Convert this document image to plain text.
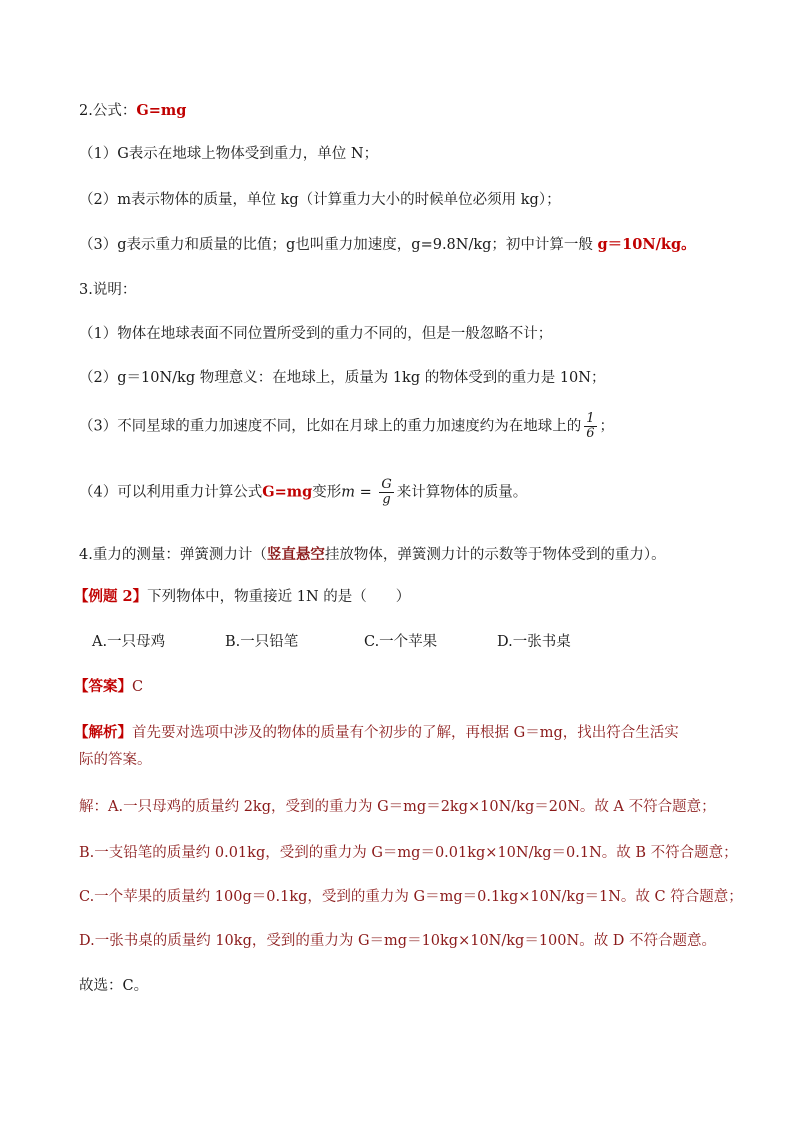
2.公式：G=mg
（1）G表示在地球上物体受到重力，单位 N；
（2）m表示物体的质量，单位 kg（计算重力大小的时候单位必须用 kg）；
（3）g表示重力和质量的比值；g也叫重力加速度，g=9.8N/kg；初中计算一般 g＝10N/kg。
3.说明：
（1）物体在地球表面不同位置所受到的重力不同的，但是一般忽略不计；
（2）g＝10N/kg 物理意义：在地球上，质量为 1kg 的物体受到的重力是 10N；
（3）不同星球的重力加速度不同，比如在月球上的重力加速度约为在地球上的 $\frac{1}{6}$ ；
（4）可以利用重力计算公式G=mg变形$m = \frac{G}{g}$ 来计算物体的质量。
4.重力的测量：弹簧测力计（竖直悬空挂放物体，弹簧测力计的示数等于物体受到的重力）。
【例题 2】下列物体中，物重接近 1N 的是（　　）
A.一只母鸡	B.一只铅笔	C.一个苹果	D.一张书桌
【答案】C
【解析】首先要对选项中涉及的物体的质量有个初步的了解，再根据 G＝mg，找出符合生活实
际的答案。
解：A.一只母鸡的质量约 2kg，受到的重力为 G＝mg＝2kg×10N/kg＝20N。故 A 不符合题意；
B.一支铅笔的质量约 0.01kg，受到的重力为 G＝mg＝0.01kg×10N/kg＝0.1N。故 B 不符合题意；
C.一个苹果的质量约 100g＝0.1kg，受到的重力为 G＝mg＝0.1kg×10N/kg＝1N。故 C 符合题意；
D.一张书桌的质量约 10kg，受到的重力为 G＝mg＝10kg×10N/kg＝100N。故 D 不符合题意。
故选：C。
